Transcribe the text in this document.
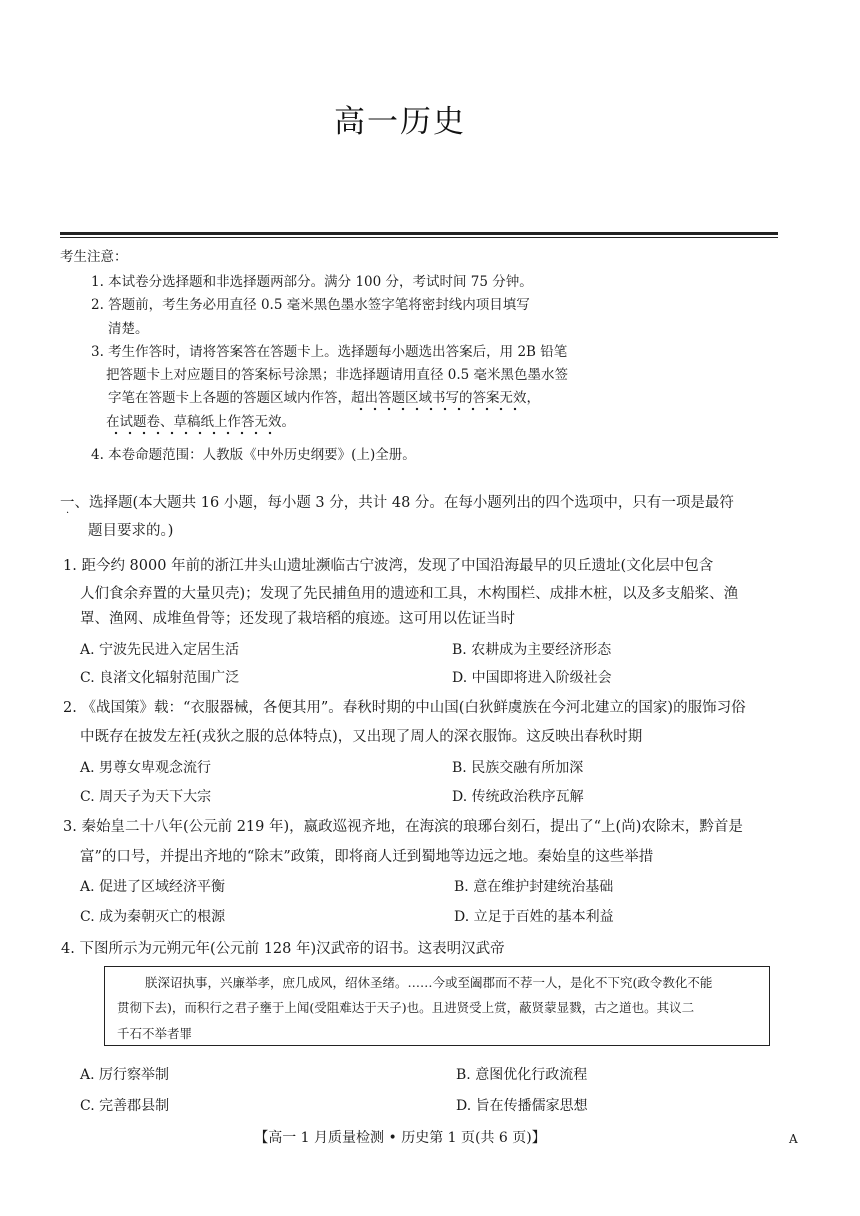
高一历史
考生注意：
1. 本试卷分选择题和非选择题两部分。满分 100 分，考试时间 75 分钟。
2. 答题前，考生务必用直径 0.5 毫米黑色墨水签字笔将密封线内项目填写
清楚。
3. 考生作答时，请将答案答在答题卡上。选择题每小题选出答案后，用 2B 铅笔
把答题卡上对应题目的答案标号涂黑；非选择题请用直径 0.5 毫米黑色墨水签
字笔在答题卡上各题的答题区域内作答，超出答题区域书写的答案无效，
在试题卷、草稿纸上作答无效。
4. 本卷命题范围：人教版《中外历史纲要》(上)全册。
一、选择题(本大题共 16 小题，每小题 3 分，共计 48 分。在每小题列出的四个选项中，只有一项是最符
·
题目要求的。)
1. 距今约 8000 年前的浙江井头山遗址濒临古宁波湾，发现了中国沿海最早的贝丘遗址(文化层中包含
人们食余弃置的大量贝壳)；发现了先民捕鱼用的遗迹和工具，木构围栏、成排木桩，以及多支船桨、渔
罩、渔网、成堆鱼骨等；还发现了栽培稻的痕迹。这可用以佐证当时
A. 宁波先民进入定居生活	B. 农耕成为主要经济形态
C. 良渚文化辐射范围广泛	D. 中国即将进入阶级社会
2. 《战国策》载：“衣服器械，各便其用”。春秋时期的中山国(白狄鲜虞族在今河北建立的国家)的服饰习俗
中既存在披发左衽(戎狄之服的总体特点)，又出现了周人的深衣服饰。这反映出春秋时期
A. 男尊女卑观念流行	B. 民族交融有所加深
C. 周天子为天下大宗	D. 传统政治秩序瓦解
3. 秦始皇二十八年(公元前 219 年)，嬴政巡视齐地，在海滨的琅琊台刻石，提出了“上(尚)农除末，黔首是
富”的口号，并提出齐地的“除末”政策，即将商人迁到蜀地等边远之地。秦始皇的这些举措
A. 促进了区域经济平衡	B. 意在维护封建统治基础
C. 成为秦朝灭亡的根源	D. 立足于百姓的基本利益
4. 下图所示为元朔元年(公元前 128 年)汉武帝的诏书。这表明汉武帝
朕深诏执事，兴廉举孝，庶几成风，绍休圣绪。……今或至阖郡而不荐一人，是化不下究(政令教化不能
贯彻下去)，而积行之君子壅于上闻(受阻难达于天子)也。且进贤受上赏，蔽贤蒙显戮，古之道也。其议二
千石不举者罪
A. 厉行察举制	B. 意图优化行政流程
C. 完善郡县制	D. 旨在传播儒家思想
【高一 1 月质量检测 • 历史第 1 页(共 6 页)】	A
